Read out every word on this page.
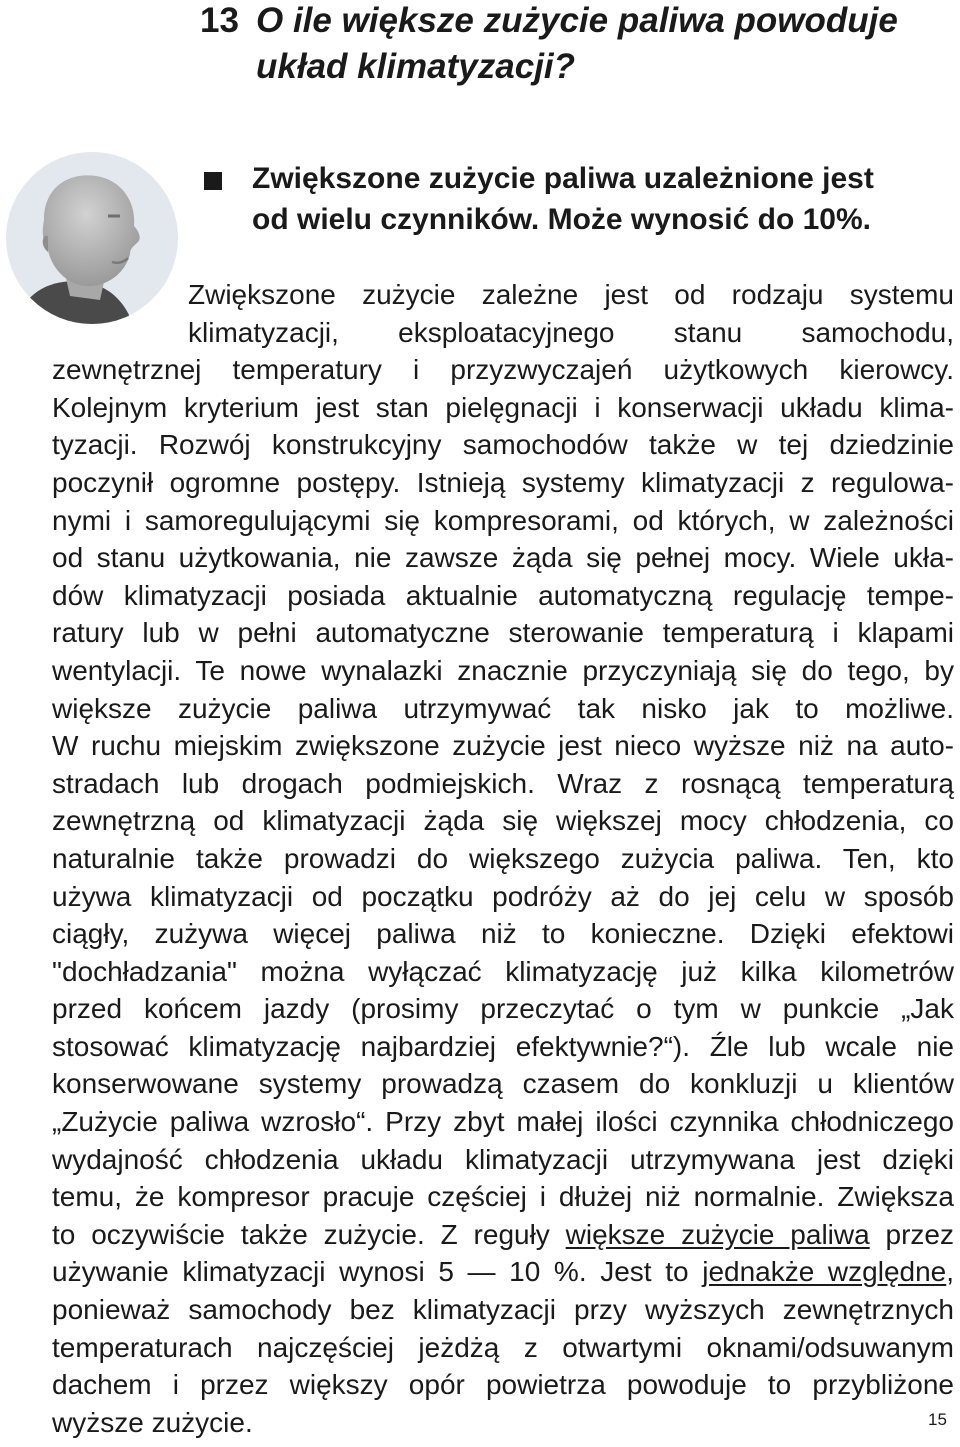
13 O ile większe zużycie paliwa powoduje
układ klimatyzacji?
Zwiększone zużycie paliwa uzależnione jest
od wielu czynników. Może wynosić do 10%.
Zwiększone zużycie zależne jest od rodzaju systemu
klimatyzacji, eksploatacyjnego stanu samochodu,
zewnętrznej temperatury i przyzwyczajeń użytkowych kierowcy.
Kolejnym kryterium jest stan pielęgnacji i konserwacji układu klima-
tyzacji. Rozwój konstrukcyjny samochodów także w tej dziedzinie
poczynił ogromne postępy. Istnieją systemy klimatyzacji z regulowa-
nymi i samoregulującymi się kompresorami, od których, w zależności
od stanu użytkowania, nie zawsze żąda się pełnej mocy. Wiele ukła-
dów klimatyzacji posiada aktualnie automatyczną regulację tempe-
ratury lub w pełni automatyczne sterowanie temperaturą i klapami
wentylacji. Te nowe wynalazki znacznie przyczyniają się do tego, by
większe zużycie paliwa utrzymywać tak nisko jak to możliwe.
W ruchu miejskim zwiększone zużycie jest nieco wyższe niż na auto-
stradach lub drogach podmiejskich. Wraz z rosnącą temperaturą
zewnętrzną od klimatyzacji żąda się większej mocy chłodzenia, co
naturalnie także prowadzi do większego zużycia paliwa. Ten, kto
używa klimatyzacji od początku podróży aż do jej celu w sposób
ciągły, zużywa więcej paliwa niż to konieczne. Dzięki efektowi
"dochładzania" można wyłączać klimatyzację już kilka kilometrów
przed końcem jazdy (prosimy przeczytać o tym w punkcie „Jak
stosować klimatyzację najbardziej efektywnie?“). Źle lub wcale nie
konserwowane systemy prowadzą czasem do konkluzji u klientów
„Zużycie paliwa wzrosło“. Przy zbyt małej ilości czynnika chłodniczego
wydajność chłodzenia układu klimatyzacji utrzymywana jest dzięki
temu, że kompresor pracuje częściej i dłużej niż normalnie. Zwiększa
to oczywiście także zużycie. Z reguły większe zużycie paliwa przez
używanie klimatyzacji wynosi 5 — 10 %. Jest to jednakże względne,
ponieważ samochody bez klimatyzacji przy wyższych zewnętrznych
temperaturach najczęściej jeżdżą z otwartymi oknami/odsuwanym
dachem i przez większy opór powietrza powoduje to przybliżone
wyższe zużycie.	15
